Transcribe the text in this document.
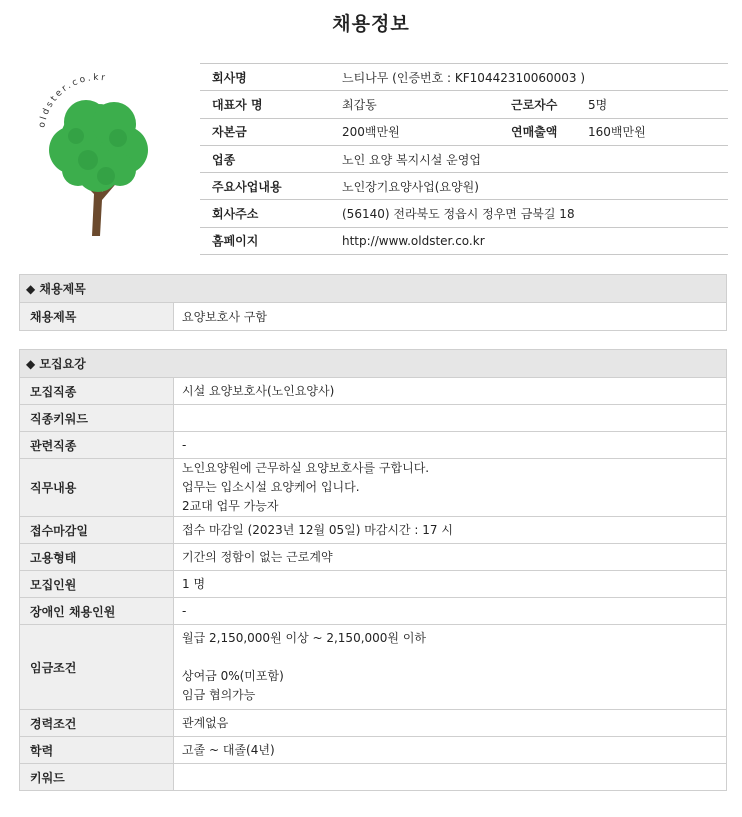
채용정보
oldster.co.kr	회사명	느티나무 (인증번호 : KF10442310060003 )		
대표자 명	최갑동	근로자수	5명
자본금	200백만원	연매출액	160백만원
업종	노인 요양 복지시설 운영업		
주요사업내용	노인장기요양사업(요양원)		
회사주소	(56140) 전라북도 정읍시 정우면 금북길 18		
홈페이지	http://www.oldster.co.kr		
◆ 채용제목
채용제목	요양보호사 구함
◆ 모집요강	
모집직종	시설 요양보호사(노인요양사)

직종키워드	

관련직종	-

직무내용	노인요양원에 근무하실 요양보호사를 구합니다.
업무는 입소시설 요양케어 입니다.
2교대 업무 가능자

접수마감일	접수 마감일 (2023년 12월 05일) 마감시간 : 17 시

고용형태	기간의 정함이 없는 근로계약

모집인원	1 명

장애인 채용인원	-

임금조건	월급 2,150,000원 이상 ~ 2,150,000원 이하

상여금 0%(미포함)
임금 협의가능

경력조건	관계없음

학력	고졸 ~ 대졸(4년)

키워드	
